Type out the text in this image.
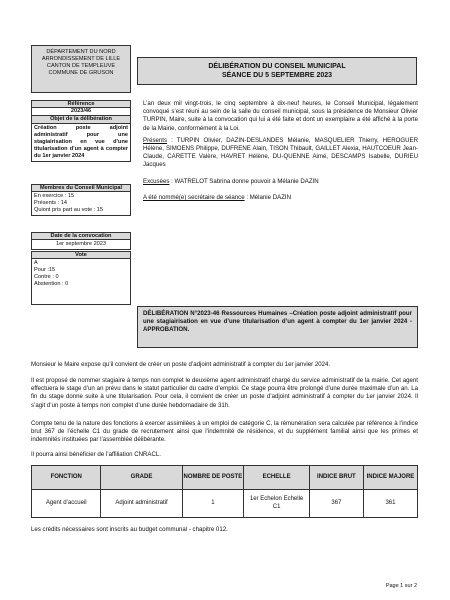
DÉPARTEMENT DU NORD
ARRONDISSEMENT DE LILLE
CANTON DE TEMPLEUVE
COMMUNE DE GRUSON
DÉLIBÉRATION DU CONSEIL MUNICIPAL
SÉANCE DU 5 SEPTEMBRE 2023
Référence
2023/46
Objet de la délibération
Création poste adjoint administratif pour une stagiairisation en vue d’une titularisation d’un agent à compter du 1er janvier 2024
Membres du Conseil Municipal
En exercice : 15
Présents : 14
Quiont pris part au vote : 15
Date de la convocation
1er septembre 2023
Vote
A
Pour :15
Contre : 0
Abstention : 0

L’an deux mil vingt-trois, le cinq septembre à dix-neuf heures, le Conseil Municipal, légalement convoqué s’est réuni au sein de la salle du conseil municipal, sous la présidence de Monsieur Olivier TURPIN, Maire, suite à la convocation qui lui a été faite et dont un exemplaire a été affiché à la porte de la Mairie, conformément à la Loi.

Présents : TURPIN Olivier, DAZIN-DESLANDES Mélanie, MASQUELIER Thierry, HEROGUER Hélène, SIMOENS Philippe, DUFRENE Alain, TISON Thibault, GAILLET Alexia, HAUTCOEUR Jean-Claude, CARETTE Valère, HAVRET Hélène, DU-QUENNE Aimé, DESCAMPS Isabelle, DURIEU Jacques

Excusées : WATRELOT Sabrina donne pouvoir à Mélanie DAZIN

A été nommé(e) secrétaire de séance : Mélanie DAZIN

DÉLIBÉRATION N°2023-46 Ressources Humaines –Création poste adjoint administratif pour une stagiairisation en vue d’une titularisation d’un agent à compter du 1er janvier 2024 - APPROBATION.
Monsieur le Maire expose qu’il convient de créer un poste d’adjoint administratif à compter du 1er janvier 2024.
Il est proposé de nommer stagiaire à temps non complet le deuxième agent administratif chargé du service administratif de la mairie. Cet agent effectuera le stage d’un an prévu dans le statut particulier du cadre d’emploi. Ce stage pourra être prolongé d’une durée maximale d’un an. La fin du stage donne suite à une titularisation. Pour cela, il convient de créer un poste d’adjoint administratif à compter du 1er janvier 2024. Il s’agit d’un poste à temps non complet d’une durée hebdomadaire de 31h.
Compte tenu de la nature des fonctions à exercer assimilées à un emploi de catégorie C, la rémunération sera calculée par référence à l’indice brut 367 de l’échelle C1 du grade de recrutement ainsi que l’indemnité de résidence, et du supplément familial ainsi que les primes et indemnités instituées par l’assemblée délibérante.
Il pourra ainsi bénéficier de l’affiliation CNRACL.
FONCTION	GRADE	NOMBRE DE POSTE	ECHELLE	INDICE BRUT	INDICE MAJORE
Agent d’accueil	Adjoint administratif	1	1er Echelon Echelle C1	367	361
Les crédits nécessaires sont inscrits au budget communal - chapitre 012.
Page 1 sur 2
